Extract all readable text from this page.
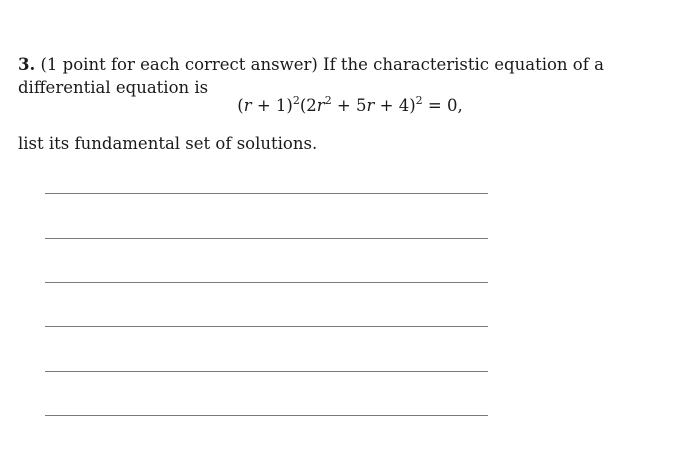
3. (1 point for each correct answer) If the characteristic equation of a differential equation is
$(r + 1)^2(2r^2 + 5r + 4)^2 = 0$,
list its fundamental set of solutions.
